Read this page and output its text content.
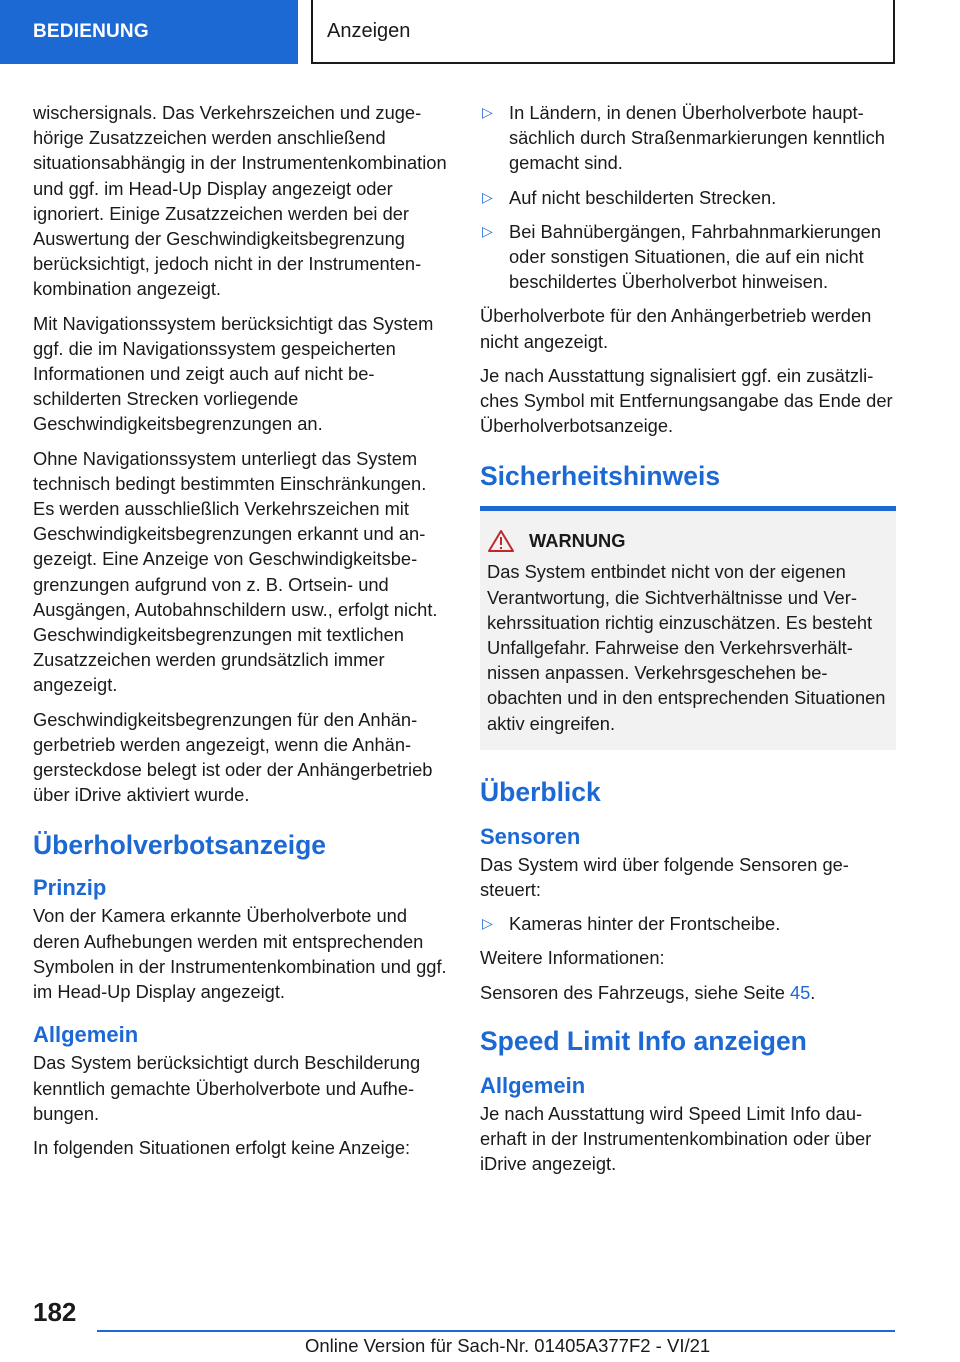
BEDIENUNG	Anzeigen

wischersignals. Das Verkehrszeichen und zugehörige Zusatzzeichen werden anschließend situationsabhängig in der Instrumentenkombination und ggf. im Head-Up Display angezeigt oder ignoriert. Einige Zusatzzeichen werden bei der Auswertung der Geschwindigkeitsbegrenzung berücksichtigt, jedoch nicht in der Instrumentenkombination angezeigt.

Mit Navigationssystem berücksichtigt das System ggf. die im Navigationssystem gespeicherten Informationen und zeigt auch auf nicht beschilderten Strecken vorliegende Geschwindigkeitsbegrenzungen an.

Ohne Navigationssystem unterliegt das System technisch bedingt bestimmten Einschränkungen. Es werden ausschließlich Verkehrszeichen mit Geschwindigkeitsbegrenzungen erkannt und angezeigt. Eine Anzeige von Geschwindigkeitsbegrenzungen aufgrund von z. B. Ortsein- und Ausgängen, Autobahnschildern usw., erfolgt nicht. Geschwindigkeitsbegrenzungen mit textlichen Zusatzzeichen werden grundsätzlich immer angezeigt.

Geschwindigkeitsbegrenzungen für den Anhängerbetrieb werden angezeigt, wenn die Anhängersteckdose belegt ist oder der Anhängerbetrieb über iDrive aktiviert wurde.

Überholverbotsanzeige
Prinzip

Von der Kamera erkannte Überholverbote und deren Aufhebungen werden mit entsprechenden Symbolen in der Instrumentenkombination und ggf. im Head-Up Display angezeigt.

Allgemein

Das System berücksichtigt durch Beschilderung kenntlich gemachte Überholverbote und Aufhebungen.

In folgenden Situationen erfolgt keine Anzeige:

▷ In Ländern, in denen Überholverbote hauptsächlich durch Straßenmarkierungen kenntlich gemacht sind.
▷ Auf nicht beschilderten Strecken.
▷ Bei Bahnübergängen, Fahrbahnmarkierungen oder sonstigen Situationen, die auf ein nicht beschildertes Überholverbot hinweisen.

Überholverbote für den Anhängerbetrieb werden nicht angezeigt.

Je nach Ausstattung signalisiert ggf. ein zusätzliches Symbol mit Entfernungsangabe das Ende der Überholverbotsanzeige.

Sicherheitshinweis
WARNUNG

Das System entbindet nicht von der eigenen Verantwortung, die Sichtverhältnisse und Verkehrssituation richtig einzuschätzen. Es besteht Unfallgefahr. Fahrweise den Verkehrsverhältnissen anpassen. Verkehrsgeschehen beobachten und in den entsprechenden Situationen aktiv eingreifen.

Überblick
Sensoren

Das System wird über folgende Sensoren gesteuert:

▷ Kameras hinter der Frontscheibe.

Weitere Informationen:

Sensoren des Fahrzeugs, siehe Seite 45.

Speed Limit Info anzeigen
Allgemein

Je nach Ausstattung wird Speed Limit Info dauerhaft in der Instrumentenkombination oder über iDrive angezeigt.

182
Online Version für Sach-Nr. 01405A377F2 - VI/21
